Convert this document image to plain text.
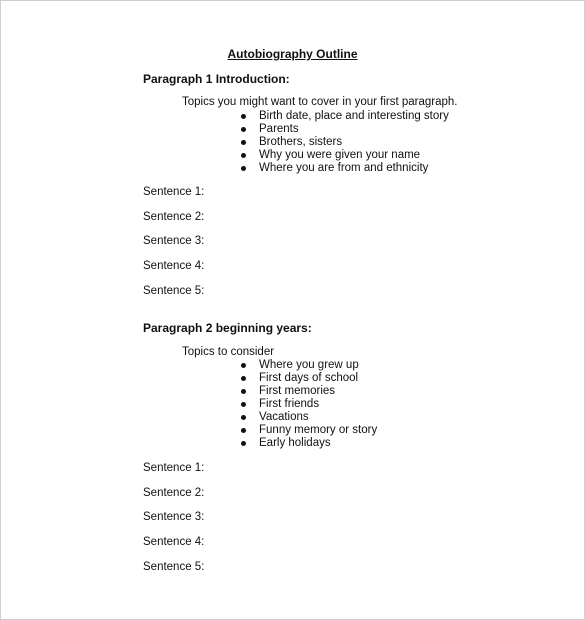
Autobiography Outline
Paragraph 1 Introduction:
Topics you might want to cover in your first paragraph.
Birth date, place and interesting story
Parents
Brothers, sisters
Why you were given your name
Where you are from and ethnicity
Sentence 1:
Sentence 2:
Sentence 3:
Sentence 4:
Sentence 5:
Paragraph 2 beginning years:
Topics to consider
Where you grew up
First days of school
First memories
First friends
Vacations
Funny memory or story
Early holidays
Sentence 1:
Sentence 2:
Sentence 3:
Sentence 4:
Sentence 5:
